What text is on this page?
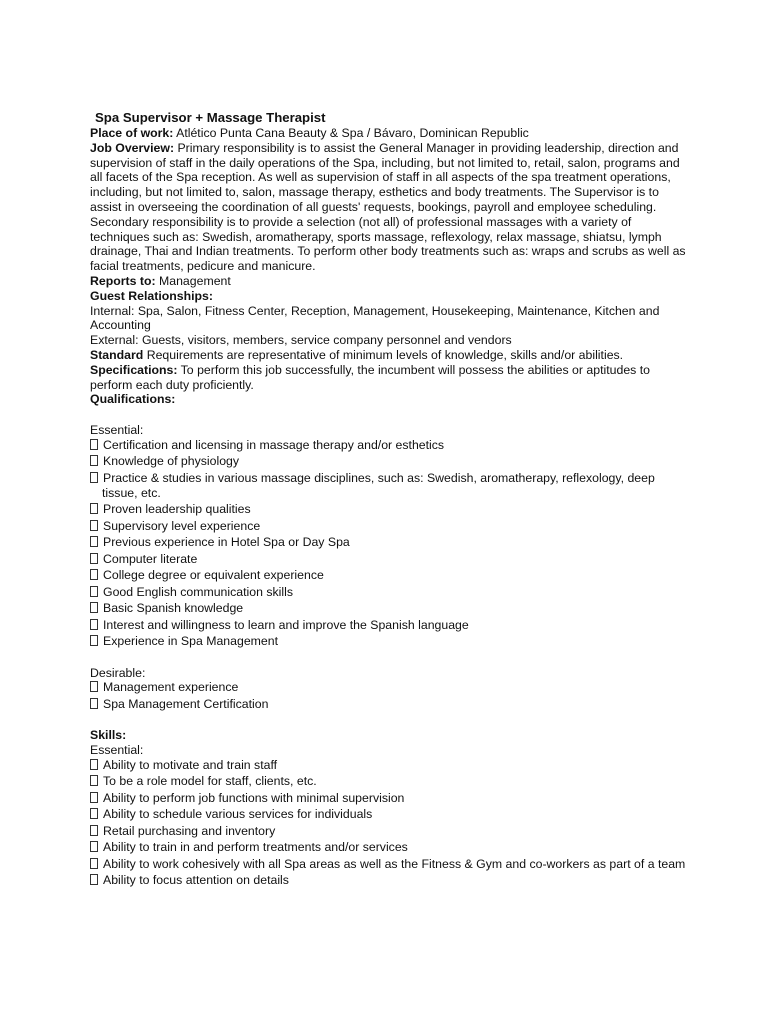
Spa Supervisor + Massage Therapist

Place of work: Atlético Punta Cana Beauty & Spa / Bávaro, Dominican Republic

Job Overview: Primary responsibility is to assist the General Manager in providing leadership, direction and supervision of staff in the daily operations of the Spa, including, but not limited to, retail, salon, programs and all facets of the Spa reception. As well as supervision of staff in all aspects of the spa treatment operations, including, but not limited to, salon, massage therapy, esthetics and body treatments. The Supervisor is to assist in overseeing the coordination of all guests' requests, bookings, payroll and employee scheduling.

Secondary responsibility is to provide a selection (not all) of professional massages with a variety of techniques such as: Swedish, aromatherapy, sports massage, reflexology, relax massage, shiatsu, lymph drainage, Thai and Indian treatments. To perform other body treatments such as: wraps and scrubs as well as facial treatments, pedicure and manicure.

Reports to: Management

Guest Relationships:

Internal: Spa, Salon, Fitness Center, Reception, Management, Housekeeping, Maintenance, Kitchen and Accounting

External: Guests, visitors, members, service company personnel and vendors

Standard Requirements are representative of minimum levels of knowledge, skills and/or abilities.

Specifications: To perform this job successfully, the incumbent will possess the abilities or aptitudes to perform each duty proficiently.

Qualifications:

Essential:

Certification and licensing in massage therapy and/or esthetics
Knowledge of physiology
Practice & studies in various massage disciplines, such as: Swedish, aromatherapy, reflexology, deep tissue, etc.
Proven leadership qualities
Supervisory level experience
Previous experience in Hotel Spa or Day Spa
Computer literate
College degree or equivalent experience
Good English communication skills
Basic Spanish knowledge
Interest and willingness to learn and improve the Spanish language
Experience in Spa Management

Desirable:

Management experience
Spa Management Certification

Skills:

Essential:

Ability to motivate and train staff
To be a role model for staff, clients, etc.
Ability to perform job functions with minimal supervision
Ability to schedule various services for individuals
Retail purchasing and inventory
Ability to train in and perform treatments and/or services
Ability to work cohesively with all Spa areas as well as the Fitness & Gym and co-workers as part of a team
Ability to focus attention on details
